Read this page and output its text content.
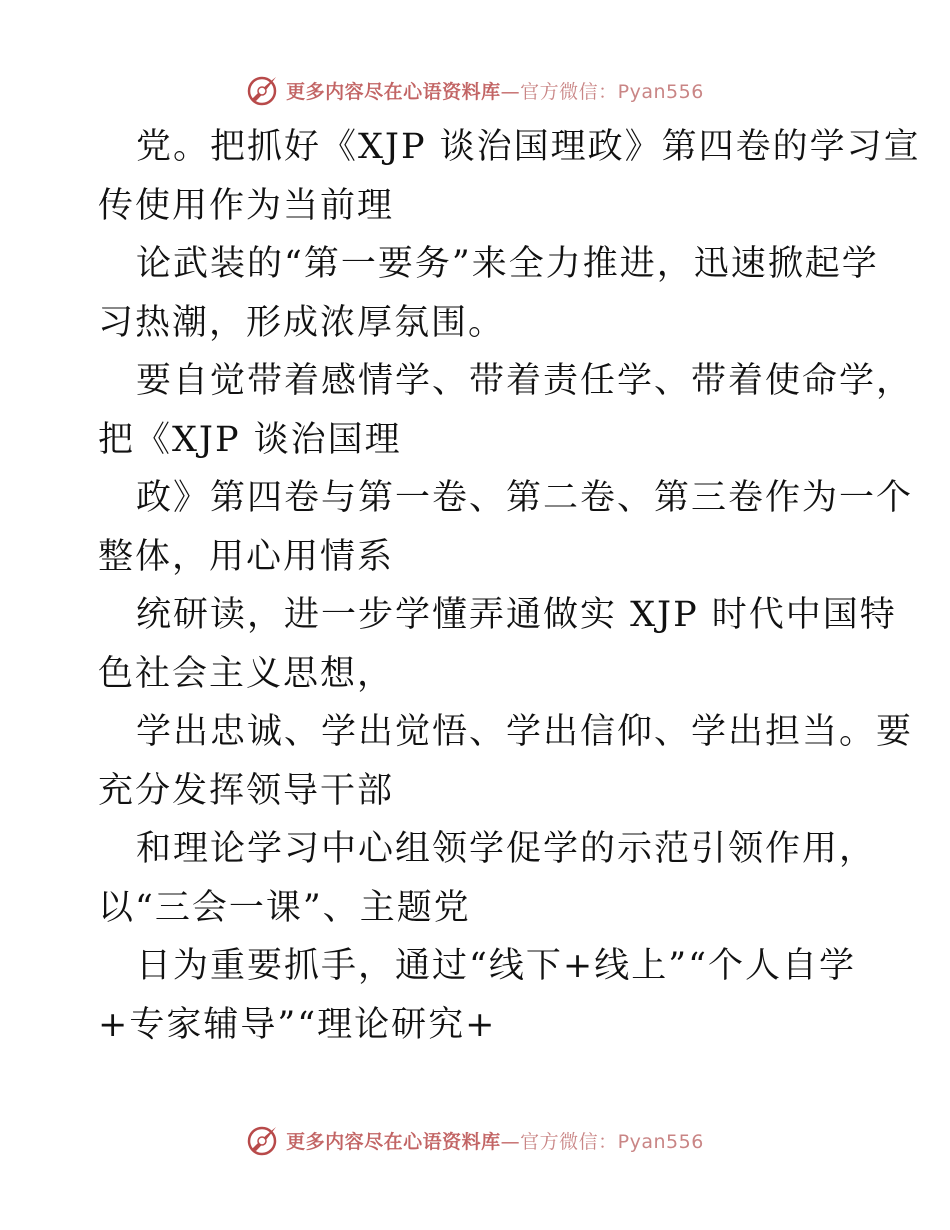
更多内容尽在心语资料库—官方微信：Pyan556
党。把抓好《XJP 谈治国理政》第四卷的学习宣
传使用作为当前理
论武装的“第一要务”来全力推进，迅速掀起学
习热潮，形成浓厚氛围。
要自觉带着感情学、带着责任学、带着使命学，
把《XJP 谈治国理
政》第四卷与第一卷、第二卷、第三卷作为一个
整体，用心用情系
统研读，进一步学懂弄通做实 XJP 时代中国特
色社会主义思想，
学出忠诚、学出觉悟、学出信仰、学出担当。要
充分发挥领导干部
和理论学习中心组领学促学的示范引领作用，
以“三会一课”、主题党
日为重要抓手，通过“线下+线上”“个人自学
+专家辅导”“理论研究+
更多内容尽在心语资料库—官方微信：Pyan556
